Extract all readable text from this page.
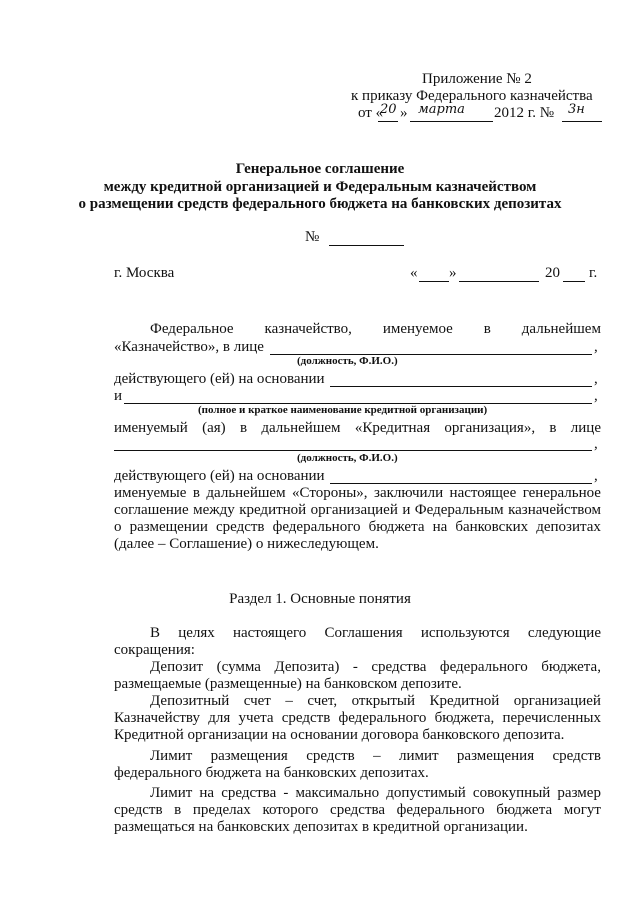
Приложение № 2
к приказу Федерального казначейства
от «
20 » марта 2012 г. № 3н
Генеральное соглашение
между кредитной организацией и Федеральным казначейством
о размещении средств федерального бюджета на банковских депозитах
№
г. Москва	« »	20 г.
Федеральное казначейство, именуемое в дальнейшем
«Казначейство», в лице	,
(должность, Ф.И.О.)
действующего (ей) на основании	,
и	,
(полное и краткое наименование кредитной организации)
именуемый (ая) в дальнейшем «Кредитная организация», в лице
,
(должность, Ф.И.О.)
действующего (ей) на основании	,
именуемые в дальнейшем «Стороны», заключили настоящее генеральное
соглашение между кредитной организацией и Федеральным казначейством
о размещении средств федерального бюджета на банковских депозитах
(далее – Соглашение) о нижеследующем.
Раздел 1. Основные понятия
В целях настоящего Соглашения используются следующие
сокращения:
Депозит (сумма Депозита) - средства федерального бюджета,
размещаемые (размещенные) на банковском депозите.
Депозитный счет – счет, открытый Кредитной организацией
Казначейству для учета средств федерального бюджета, перечисленных
Кредитной организации на основании договора банковского депозита.
Лимит размещения средств – лимит размещения средств
федерального бюджета на банковских депозитах.
Лимит на средства - максимально допустимый совокупный размер
средств в пределах которого средства федерального бюджета могут
размещаться на банковских депозитах в кредитной организации.
